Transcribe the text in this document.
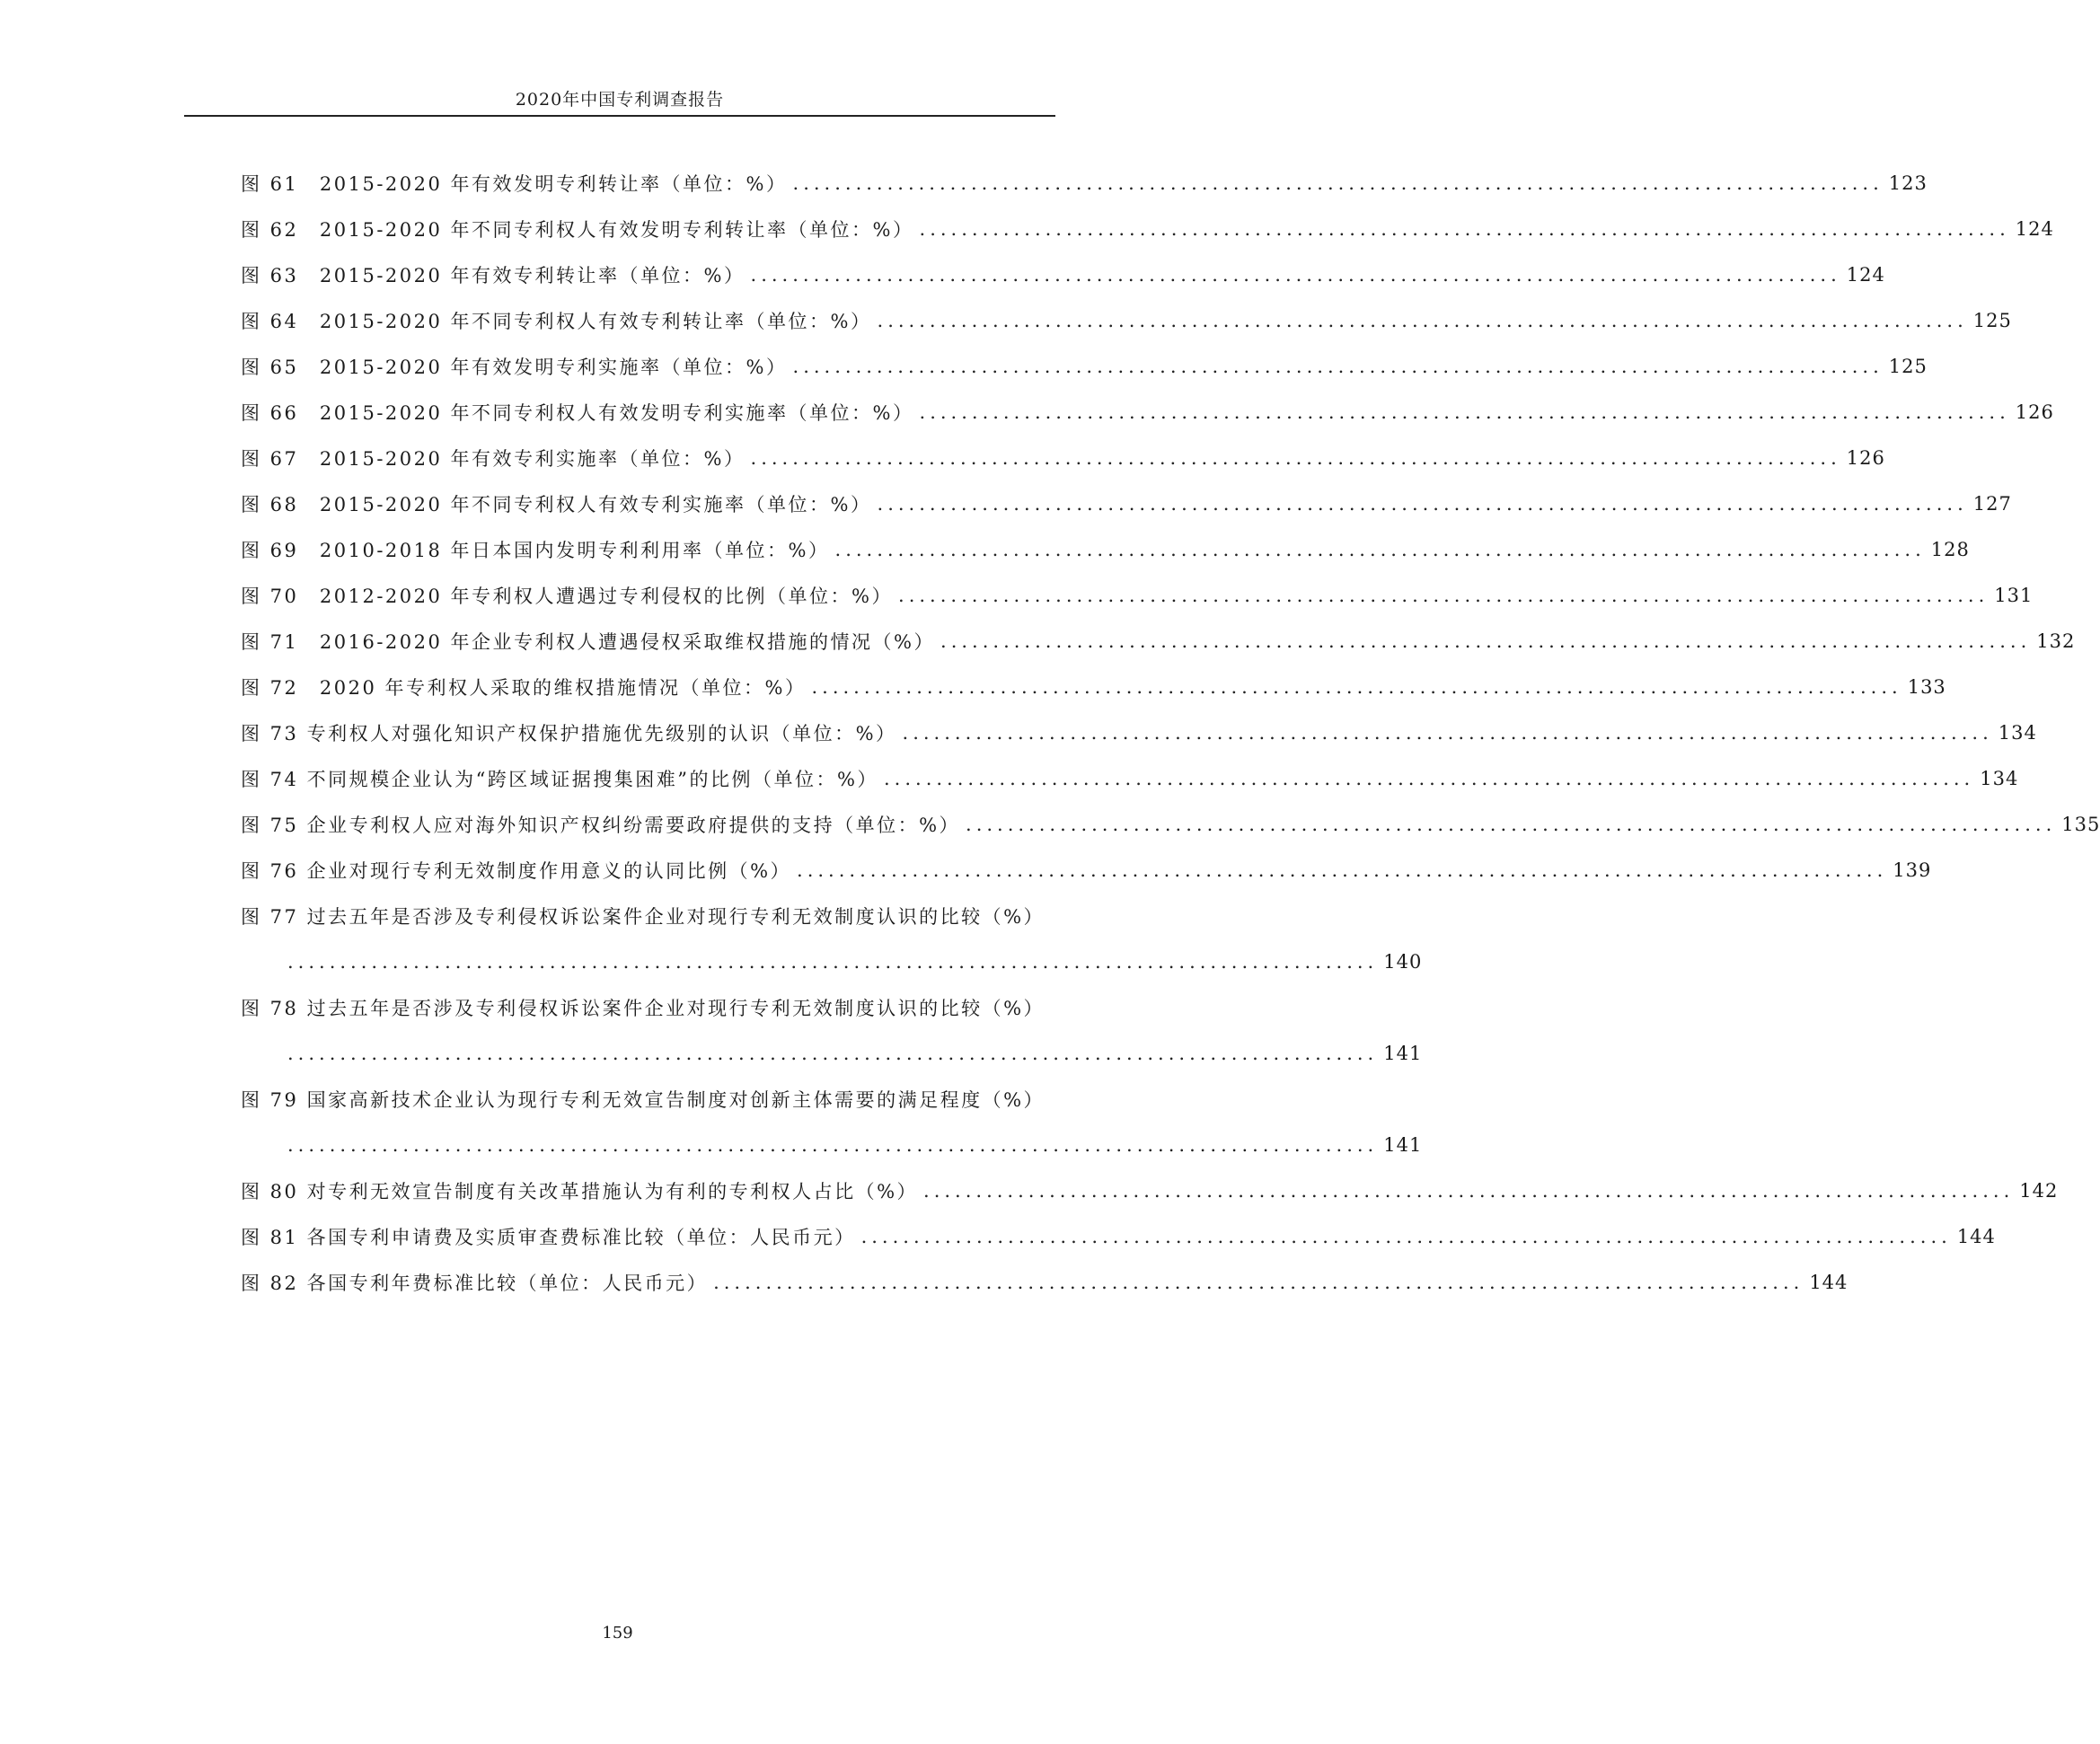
2020年中国专利调查报告
图 61　2015-2020 年有效发明专利转让率（单位：%） ........................................................................................................ 123
图 62　2015-2020 年不同专利权人有效发明专利转让率（单位：%） ........................................................................................................ 124
图 63　2015-2020 年有效专利转让率（单位：%） ........................................................................................................ 124
图 64　2015-2020 年不同专利权人有效专利转让率（单位：%） ........................................................................................................ 125
图 65　2015-2020 年有效发明专利实施率（单位：%） ........................................................................................................ 125
图 66　2015-2020 年不同专利权人有效发明专利实施率（单位：%） ........................................................................................................ 126
图 67　2015-2020 年有效专利实施率（单位：%） ........................................................................................................ 126
图 68　2015-2020 年不同专利权人有效专利实施率（单位：%） ........................................................................................................ 127
图 69　2010-2018 年日本国内发明专利利用率（单位：%） ........................................................................................................ 128
图 70　2012-2020 年专利权人遭遇过专利侵权的比例（单位：%） ........................................................................................................ 131
图 71　2016-2020 年企业专利权人遭遇侵权采取维权措施的情况（%） ........................................................................................................ 132
图 72　2020 年专利权人采取的维权措施情况（单位：%） ........................................................................................................ 133
图 73 专利权人对强化知识产权保护措施优先级别的认识（单位：%） ........................................................................................................ 134
图 74 不同规模企业认为“跨区域证据搜集困难”的比例（单位：%） ........................................................................................................ 134
图 75 企业专利权人应对海外知识产权纠纷需要政府提供的支持（单位：%） ........................................................................................................ 135
图 76 企业对现行专利无效制度作用意义的认同比例（%） ........................................................................................................ 139
图 77 过去五年是否涉及专利侵权诉讼案件企业对现行专利无效制度认识的比较（%）
........................................................................................................ 140
图 78 过去五年是否涉及专利侵权诉讼案件企业对现行专利无效制度认识的比较（%）
........................................................................................................ 141
图 79 国家高新技术企业认为现行专利无效宣告制度对创新主体需要的满足程度（%）
........................................................................................................ 141
图 80 对专利无效宣告制度有关改革措施认为有利的专利权人占比（%） ........................................................................................................ 142
图 81 各国专利申请费及实质审查费标准比较（单位：人民币元） ........................................................................................................ 144
图 82 各国专利年费标准比较（单位：人民币元） ........................................................................................................ 144
159
